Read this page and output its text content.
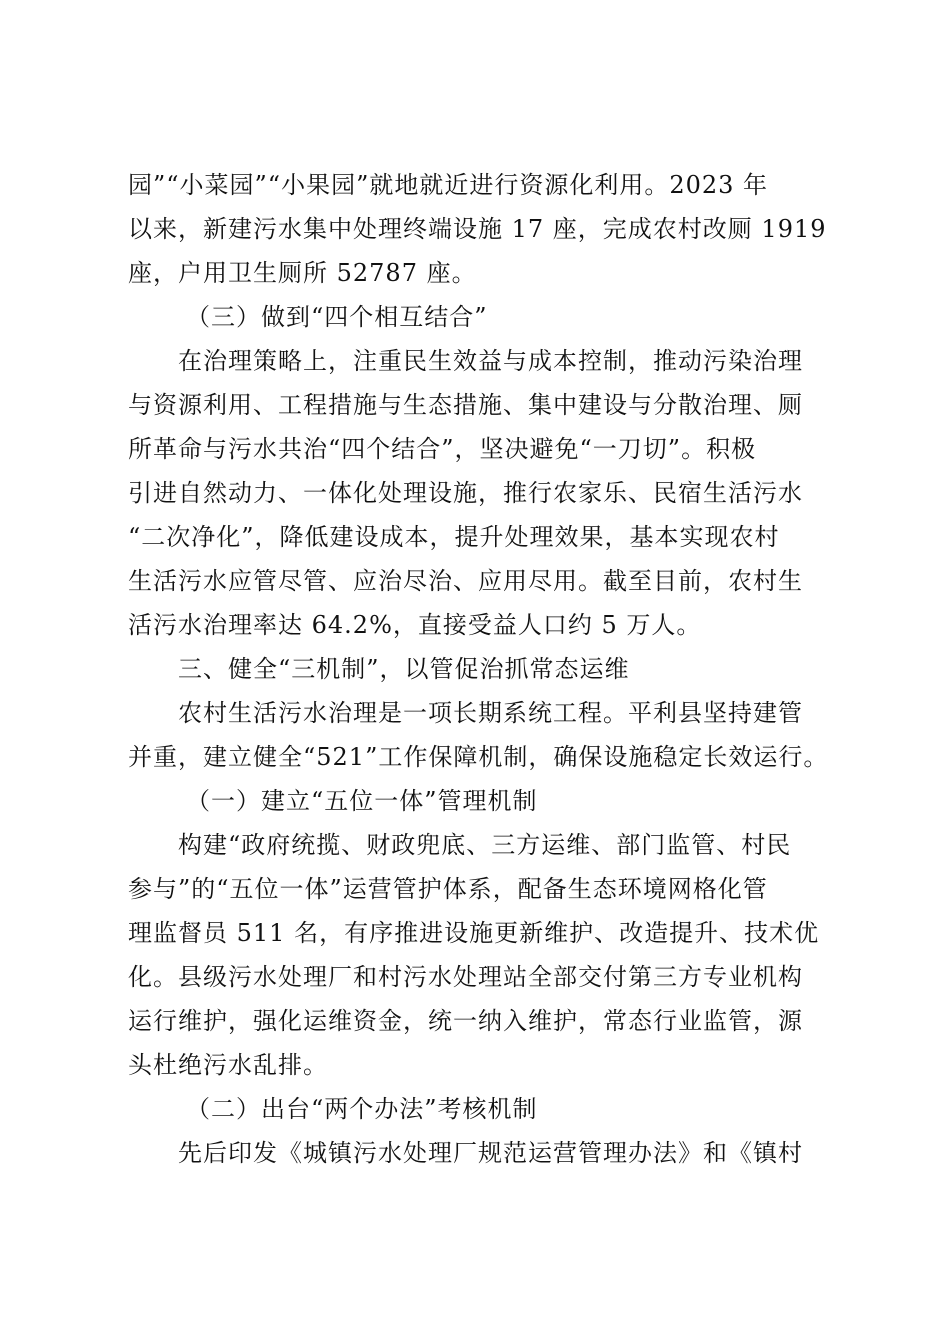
园”“小菜园”“小果园”就地就近进行资源化利用。2023 年
以来，新建污水集中处理终端设施 17 座，完成农村改厕 1919
座，户用卫生厕所 52787 座。
（三）做到“四个相互结合”
在治理策略上，注重民生效益与成本控制，推动污染治理
与资源利用、工程措施与生态措施、集中建设与分散治理、厕
所革命与污水共治“四个结合”，坚决避免“一刀切”。积极
引进自然动力、一体化处理设施，推行农家乐、民宿生活污水
“二次净化”，降低建设成本，提升处理效果，基本实现农村
生活污水应管尽管、应治尽治、应用尽用。截至目前，农村生
活污水治理率达 64.2%，直接受益人口约 5 万人。
三、健全“三机制”，以管促治抓常态运维
农村生活污水治理是一项长期系统工程。平利县坚持建管
并重，建立健全“521”工作保障机制，确保设施稳定长效运行。
（一）建立“五位一体”管理机制
构建“政府统揽、财政兜底、三方运维、部门监管、村民
参与”的“五位一体”运营管护体系，配备生态环境网格化管
理监督员 511 名，有序推进设施更新维护、改造提升、技术优
化。县级污水处理厂和村污水处理站全部交付第三方专业机构
运行维护，强化运维资金，统一纳入维护，常态行业监管，源
头杜绝污水乱排。
（二）出台“两个办法”考核机制
先后印发《城镇污水处理厂规范运营管理办法》和《镇村
